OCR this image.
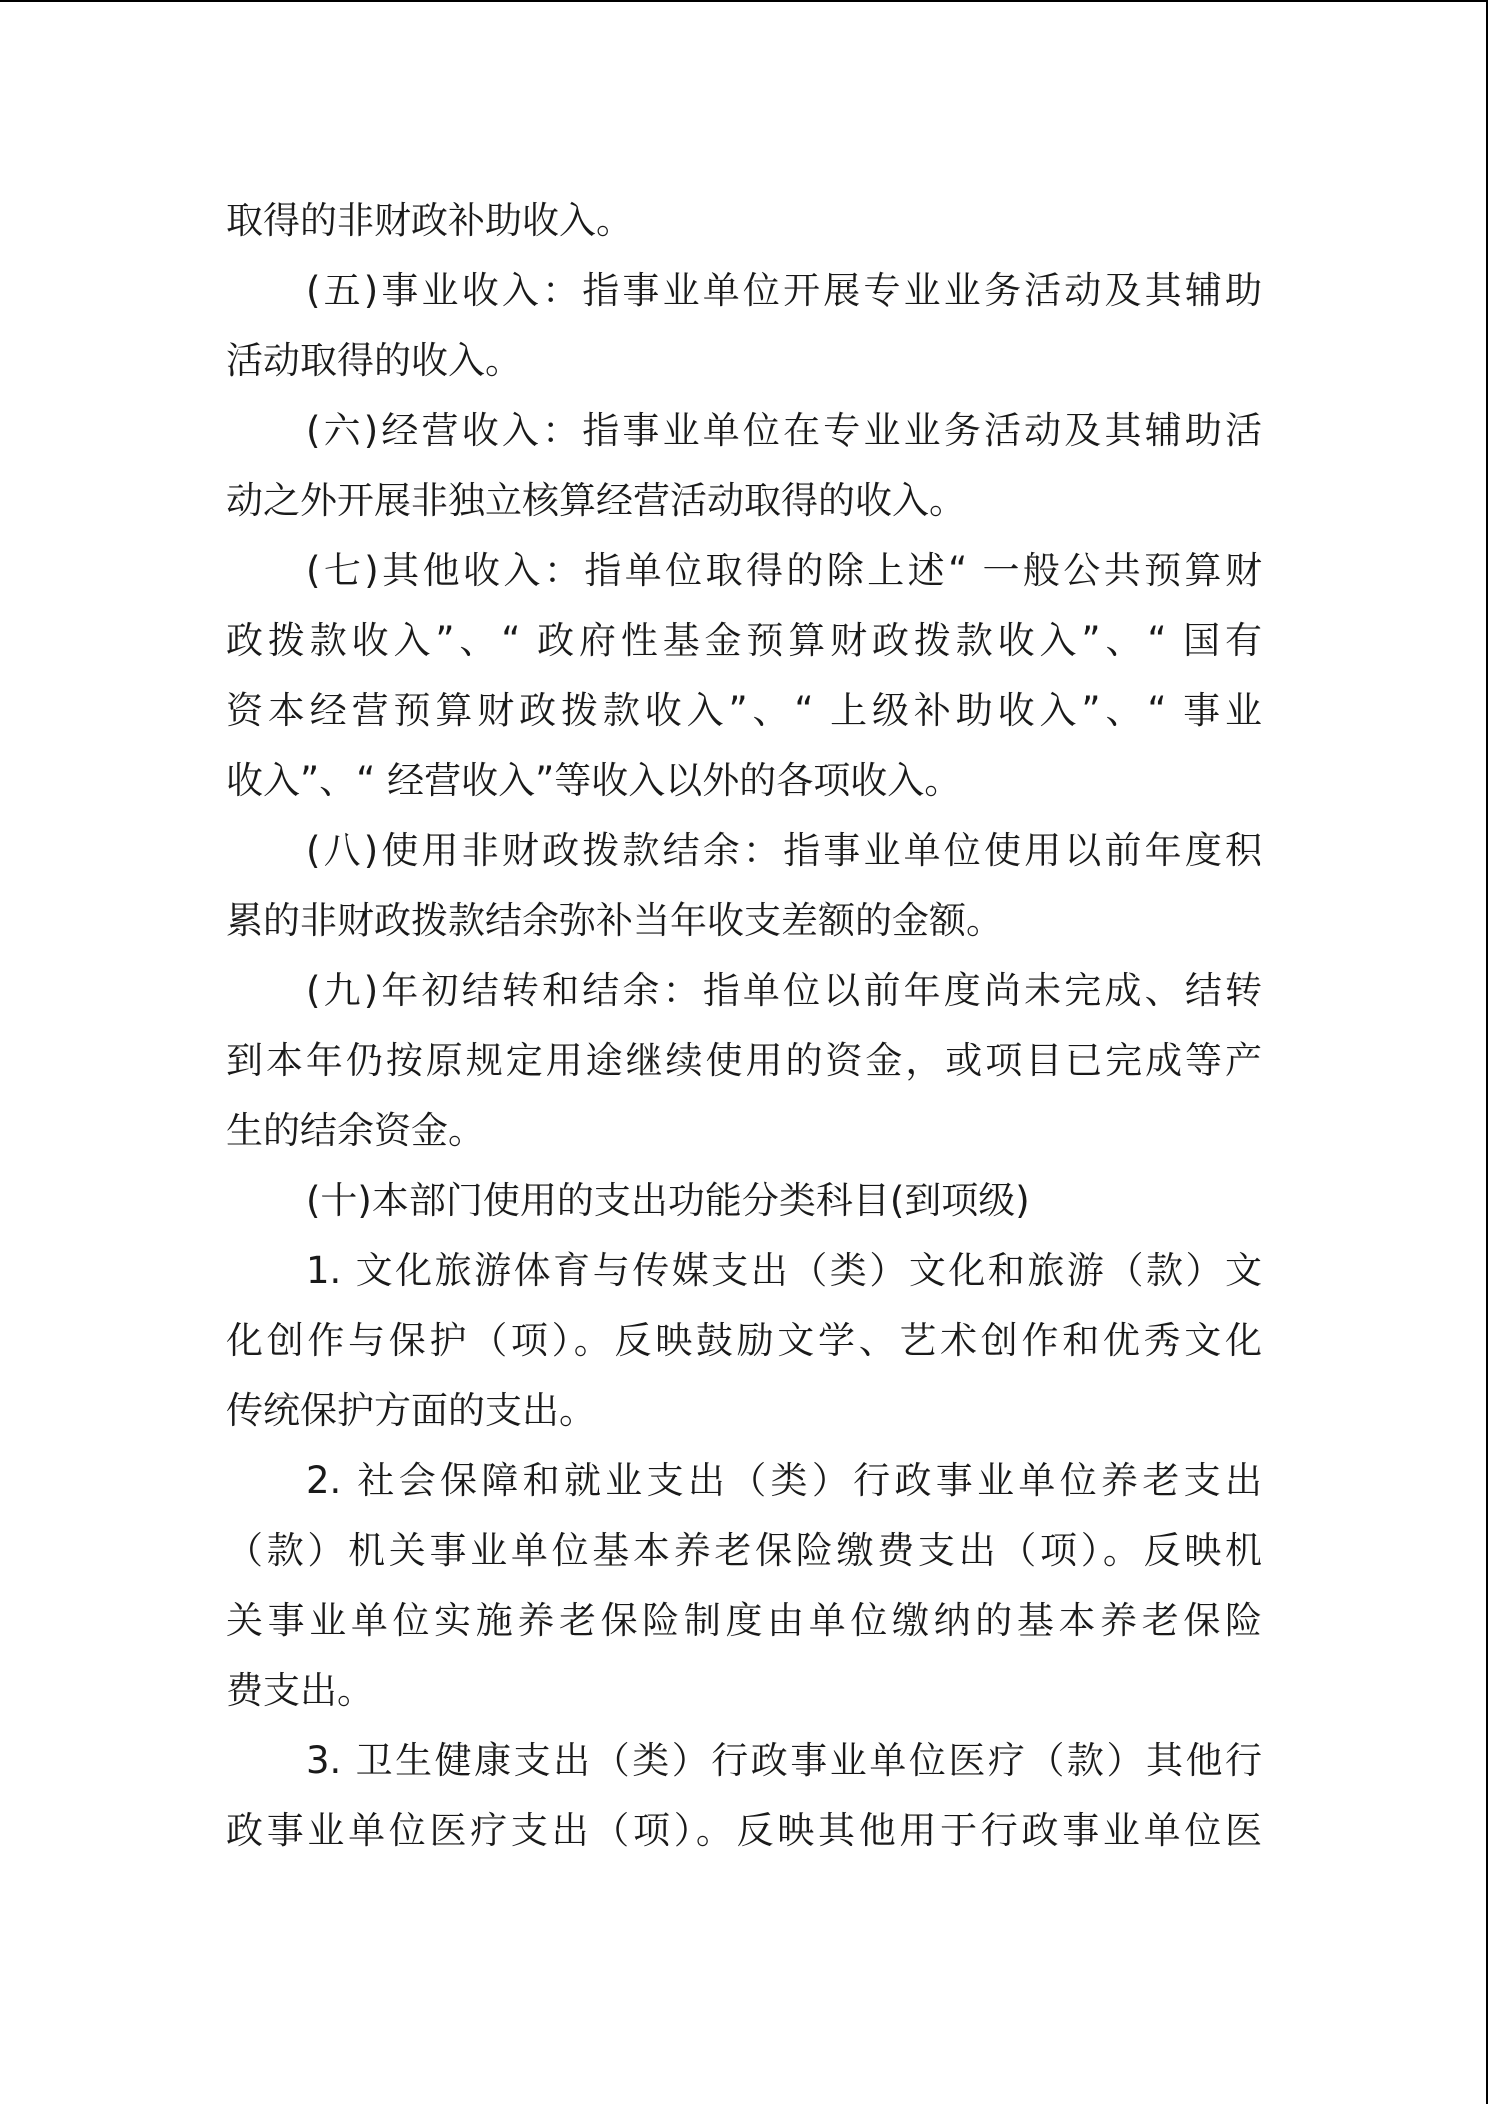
取得的非财政补助收入。
(五)事业收入：指事业单位开展专业业务活动及其辅助
活动取得的收入。
(六)经营收入：指事业单位在专业业务活动及其辅助活
动之外开展非独立核算经营活动取得的收入。
(七)其他收入：指单位取得的除上述“ 一般公共预算财
政拨款收入”、“ 政府性基金预算财政拨款收入”、“ 国有
资本经营预算财政拨款收入”、“ 上级补助收入”、“ 事业
收入”、“ 经营收入”等收入以外的各项收入。
(八)使用非财政拨款结余：指事业单位使用以前年度积
累的非财政拨款结余弥补当年收支差额的金额。
(九)年初结转和结余：指单位以前年度尚未完成、结转
到本年仍按原规定用途继续使用的资金，或项目已完成等产
生的结余资金。
(十)本部门使用的支出功能分类科目(到项级)
1. 文化旅游体育与传媒支出（类）文化和旅游（款）文
化创作与保护（项）。反映鼓励文学、艺术创作和优秀文化
传统保护方面的支出。
2. 社会保障和就业支出（类）行政事业单位养老支出
（款）机关事业单位基本养老保险缴费支出（项）。反映机
关事业单位实施养老保险制度由单位缴纳的基本养老保险
费支出。
3. 卫生健康支出（类）行政事业单位医疗（款）其他行
政事业单位医疗支出（项）。反映其他用于行政事业单位医
